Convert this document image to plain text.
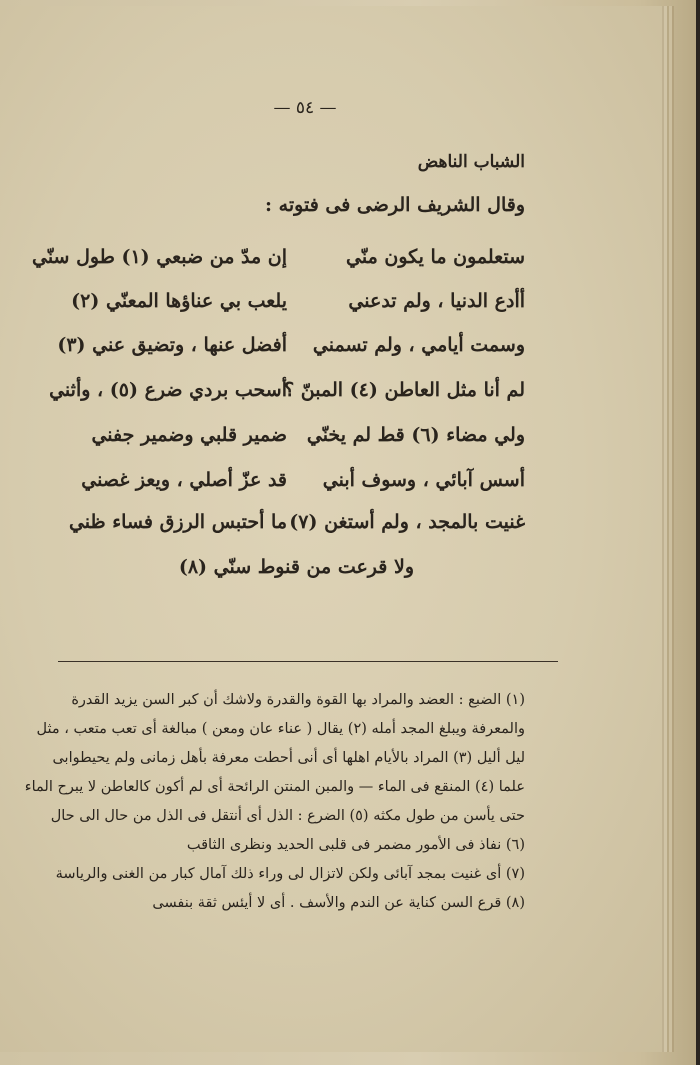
— ٥٤ —
الشباب الناهض
وقال الشريف الرضى فى فتوته :
ستعلمون ما يكون منّي
إن مدّ من ضبعي (١) طول سنّي
أأدع الدنيا ، ولم تدعني
يلعب بي عناؤها المعنّي (٢)
وسمت أيامي ، ولم تسمني
أفضل عنها ، وتضيق عني (٣)
لم أنا مثل العاطن (٤) المبنّ ؟
أسحب بردي ضرع (٥) ، وأثني
ولي مضاء (٦) قط لم يخنّي
ضمير قلبي وضمير جفني
أسس آبائي ، وسوف أبني
قد عزّ أصلي ، ويعز غصني
غنيت بالمجد ، ولم أستغن (٧)
ما أحتبس الرزق فساء ظني
ولا قرعت من قنوط سنّي (٨)
(١) الضبع : العضد والمراد بها القوة والقدرة ولاشك أن كبر السن يزيد القدرة
والمعرفة ويبلغ المجد أمله (٢) يقال ( عناء عان ومعن ) مبالغة أى تعب متعب ، مثل
ليل أليل (٣) المراد بالأيام اهلها أى أنى أحطت معرفة بأهل زمانى ولم يحيطوابى
علما (٤) المنقع فى الماء — والمبن المنتن الرائحة أى لم أكون كالعاطن لا يبرح الماء
حتى يأسن من طول مكثه (٥) الضرع : الذل أى أنتقل فى الذل من حال الى حال
(٦) نفاذ فى الأمور مضمر فى قلبى الحديد ونظرى الثاقب
(٧) أى غنيت بمجد آبائى ولكن لاتزال لى وراء ذلك آمال كبار من الغنى والرياسة
(٨) قرع السن كناية عن الندم والأسف . أى لا أيئس ثقة بنفسى
